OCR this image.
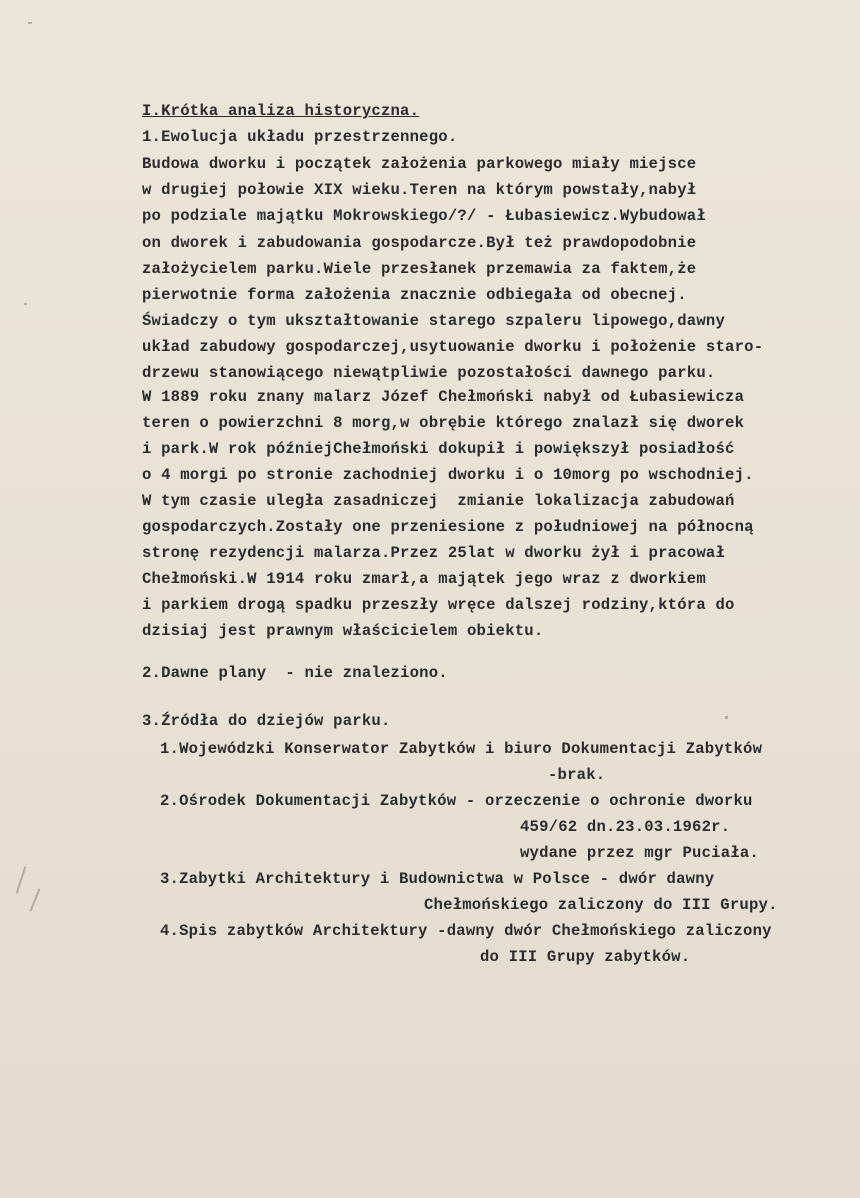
I.Krótka analiza historyczna.
1.Ewolucja układu przestrzennego.
Budowa dworku i początek założenia parkowego miały miejsce
w drugiej połowie XIX wieku.Teren na którym powstały,nabył
po podziale majątku Mokrowskiego/?/ - Łubasiewicz.Wybudował
on dworek i zabudowania gospodarcze.Był też prawdopodobnie
założycielem parku.Wiele przesłanek przemawia za faktem,że
pierwotnie forma założenia znacznie odbiegała od obecnej.
Świadczy o tym ukształtowanie starego szpaleru lipowego,dawny
układ zabudowy gospodarczej,usytuowanie dworku i położenie staro-
drzewu stanowiącego niewątpliwie pozostałości dawnego parku.
W 1889 roku znany malarz Józef Chełmoński nabył od Łubasiewicza
teren o powierzchni 8 morg,w obrębie którego znalazł się dworek
i park.W rok późniejChełmoński dokupił i powiększył posiadłość
o 4 morgi po stronie zachodniej dworku i o 10morg po wschodniej.
W tym czasie uległa zasadniczej  zmianie lokalizacja zabudowań
gospodarczych.Zostały one przeniesione z południowej na północną
stronę rezydencji malarza.Przez 25lat w dworku żył i pracował
Chełmoński.W 1914 roku zmarł,a majątek jego wraz z dworkiem
i parkiem drogą spadku przeszły wręce dalszej rodziny,która do
dzisiaj jest prawnym właścicielem obiektu.
2.Dawne plany  - nie znaleziono.
3.Źródła do dziejów parku.
1.Wojewódzki Konserwator Zabytków i biuro Dokumentacji Zabytków
-brak.
2.Ośrodek Dokumentacji Zabytków - orzeczenie o ochronie dworku
459/62 dn.23.03.1962r.
wydane przez mgr Puciała.
3.Zabytki Architektury i Budownictwa w Polsce - dwór dawny
Chełmońskiego zaliczony do III Grupy.
4.Spis zabytków Architektury -dawny dwór Chełmońskiego zaliczony
do III Grupy zabytków.
